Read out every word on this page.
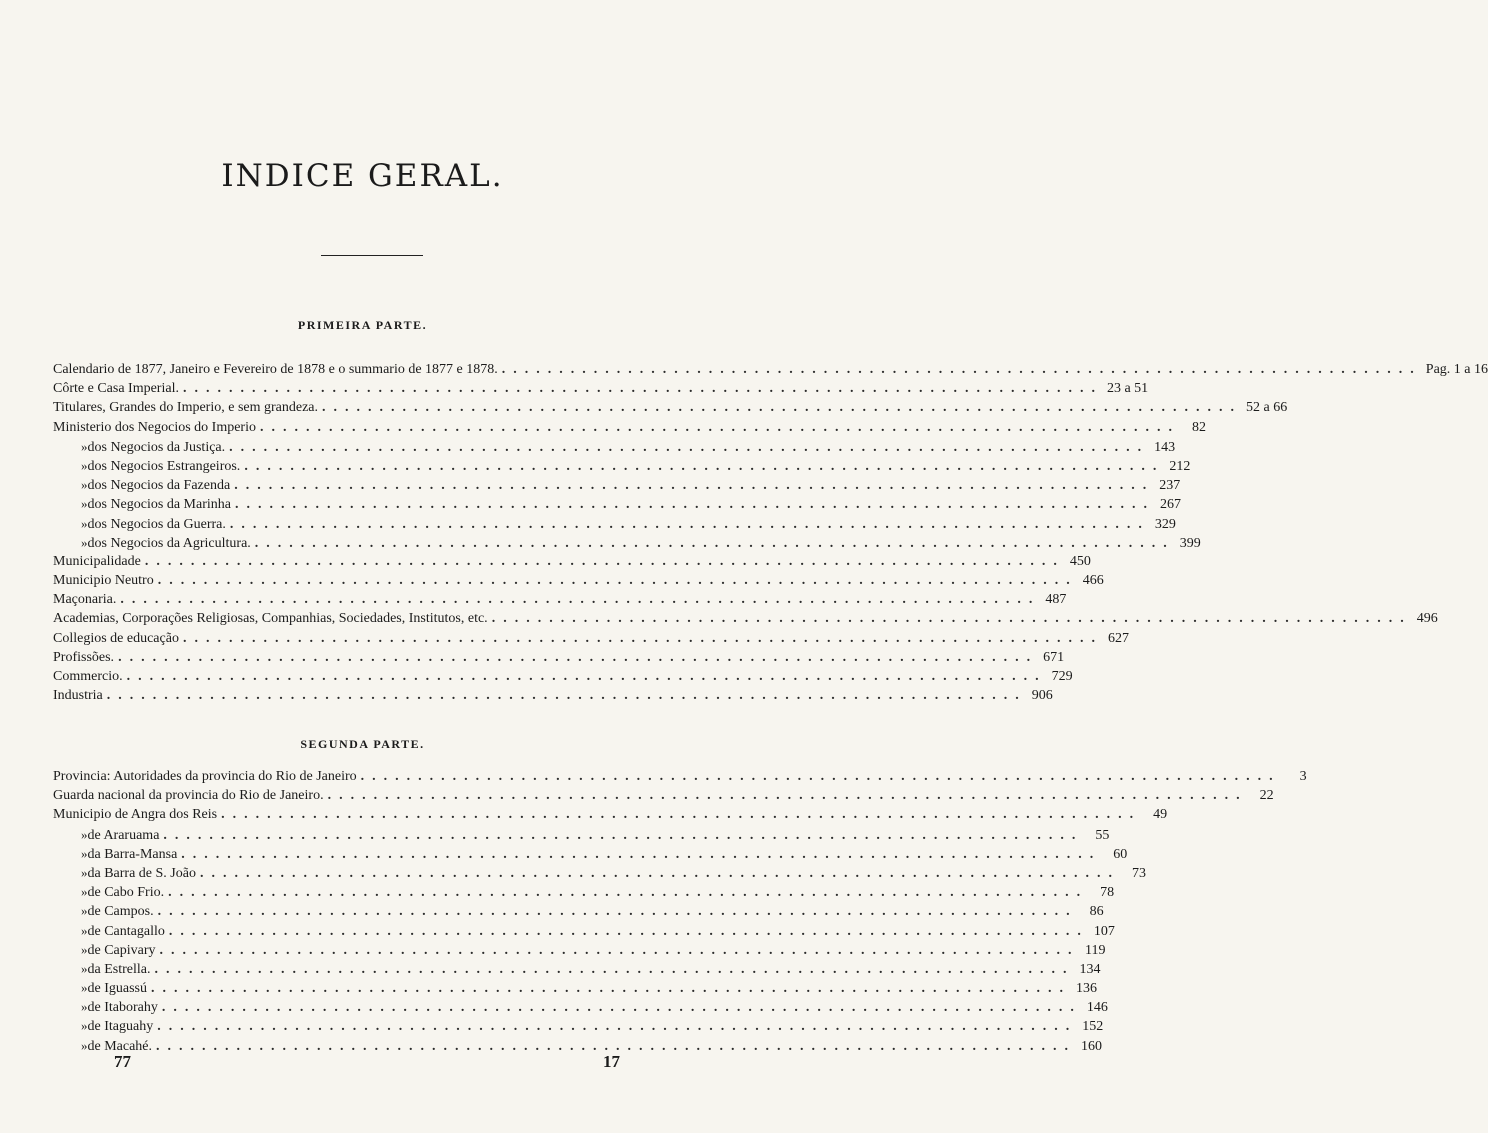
INDICE GERAL.
PRIMEIRA PARTE.
Calendario de 1877, Janeiro e Fevereiro de 1878 e o summario de 1877 e 1878. ................................................................................ Pag. 1 a 16
Côrte e Casa Imperial. ................................................................................ 23 a 51
Titulares, Grandes do Imperio, e sem grandeza. ................................................................................ 52 a 66
Ministerio dos Negocios do Imperio ................................................................................ 82
» dos Negocios da Justiça. ................................................................................ 143
» dos Negocios Estrangeiros. ................................................................................ 212
» dos Negocios da Fazenda ................................................................................ 237
» dos Negocios da Marinha ................................................................................ 267
» dos Negocios da Guerra. ................................................................................ 329
» dos Negocios da Agricultura. ................................................................................ 399
Municipalidade ................................................................................ 450
Municipio Neutro ................................................................................ 466
Maçonaria. ................................................................................ 487
Academias, Corporações Religiosas, Companhias, Sociedades, Institutos, etc. ................................................................................ 496
Collegios de educação ................................................................................ 627
Profissões. ................................................................................ 671
Commercio. ................................................................................ 729
Industria ................................................................................ 906
SEGUNDA PARTE.
Provincia: Autoridades da provincia do Rio de Janeiro ................................................................................	3
Guarda nacional da provincia do Rio de Janeiro. ................................................................................ 22
Municipio de Angra dos Reis ................................................................................ 49
» de Araruama ................................................................................ 55
» da Barra-Mansa ................................................................................ 60
» da Barra de S. João ................................................................................ 73
» de Cabo Frio. ................................................................................ 78
» de Campos. ................................................................................ 86
» de Cantagallo ................................................................................ 107
» de Capivary ................................................................................ 119
» da Estrella. ................................................................................ 134
» de Iguassú ................................................................................ 136
» de Itaborahy ................................................................................ 146
» de Itaguahy ................................................................................ 152
» de Macahé. ................................................................................ 160
77	17
